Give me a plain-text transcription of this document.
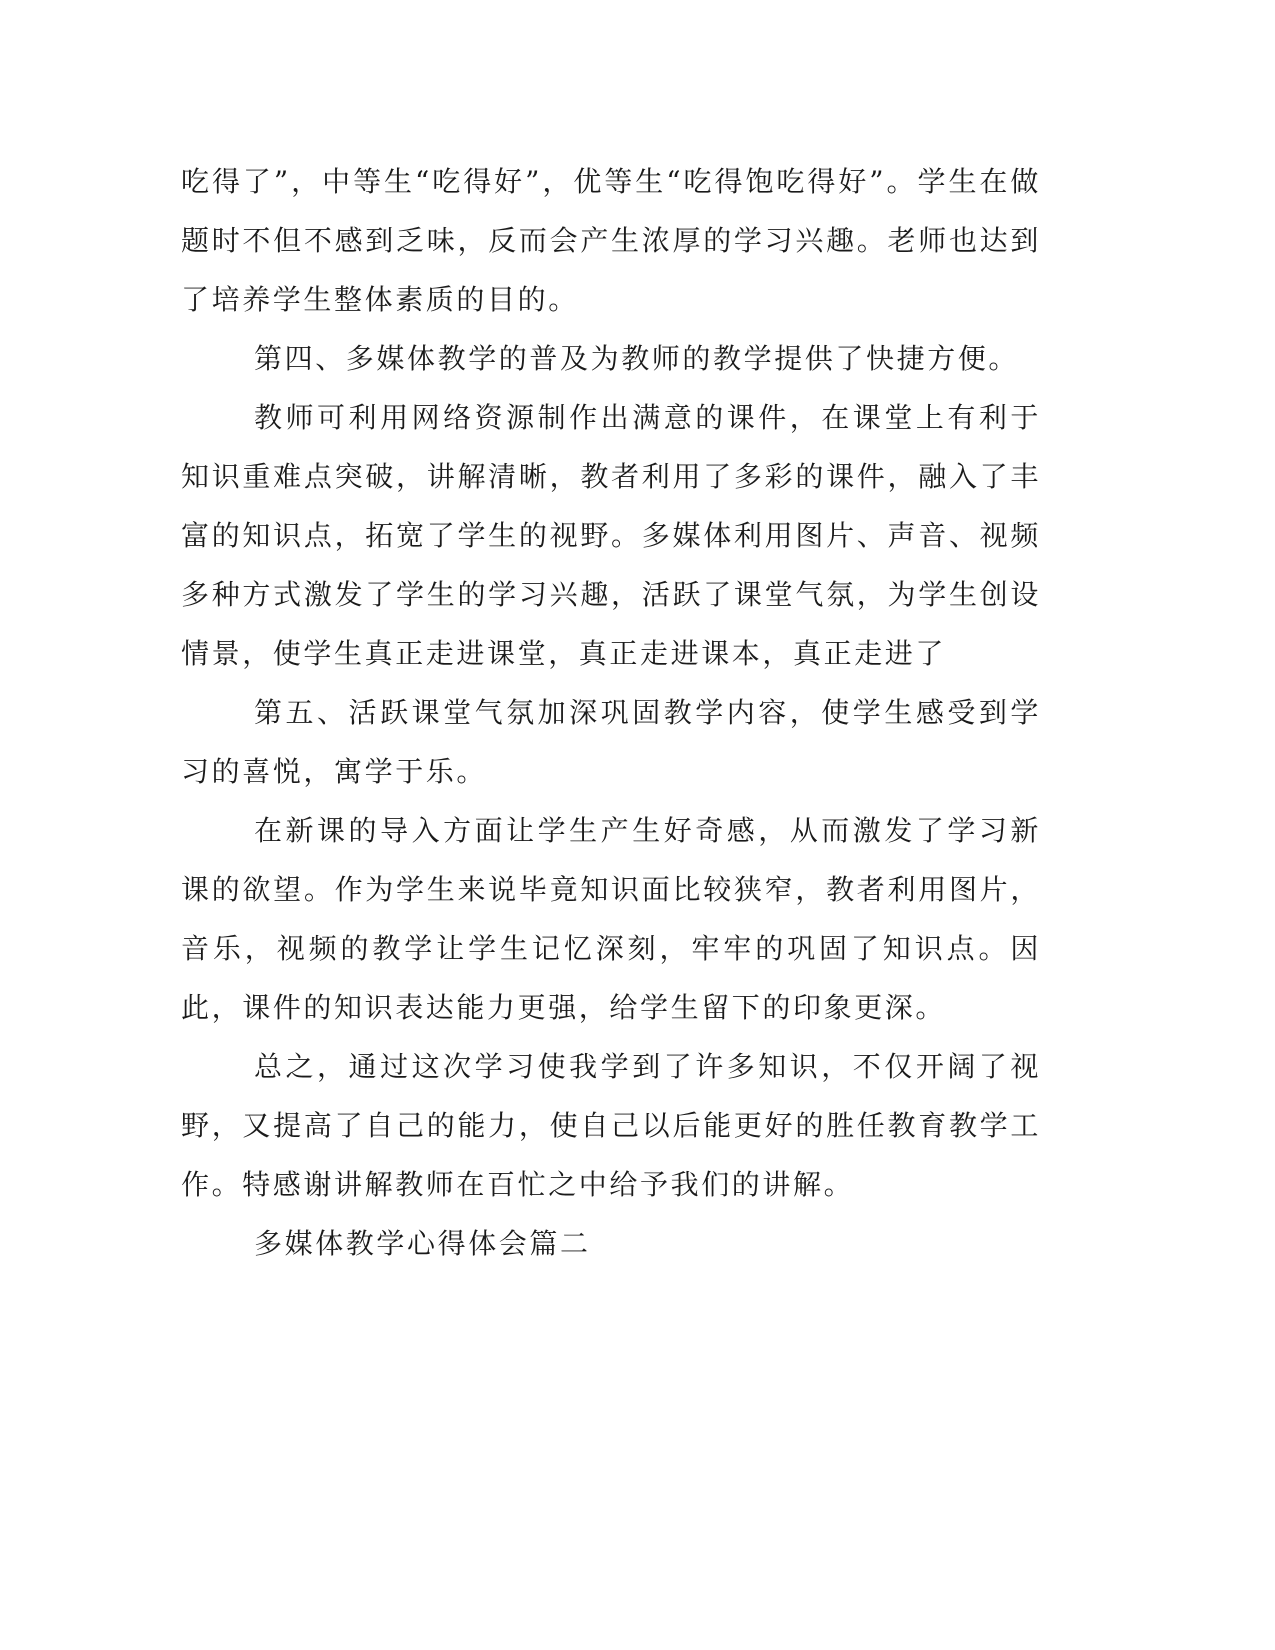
吃得了”，中等生“吃得好”，优等生“吃得饱吃得好”。学生在做题时不但不感到乏味，反而会产生浓厚的学习兴趣。老师也达到了培养学生整体素质的目的。

第四、多媒体教学的普及为教师的教学提供了快捷方便。

教师可利用网络资源制作出满意的课件，在课堂上有利于知识重难点突破，讲解清晰，教者利用了多彩的课件，融入了丰富的知识点，拓宽了学生的视野。多媒体利用图片、声音、视频多种方式激发了学生的学习兴趣，活跃了课堂气氛，为学生创设情景，使学生真正走进课堂，真正走进课本，真正走进了

第五、活跃课堂气氛加深巩固教学内容，使学生感受到学习的喜悦，寓学于乐。

在新课的导入方面让学生产生好奇感，从而激发了学习新课的欲望。作为学生来说毕竟知识面比较狭窄，教者利用图片，音乐，视频的教学让学生记忆深刻，牢牢的巩固了知识点。因此，课件的知识表达能力更强，给学生留下的印象更深。

总之，通过这次学习使我学到了许多知识，不仅开阔了视野，又提高了自己的能力，使自己以后能更好的胜任教育教学工作。特感谢讲解教师在百忙之中给予我们的讲解。

多媒体教学心得体会篇二
